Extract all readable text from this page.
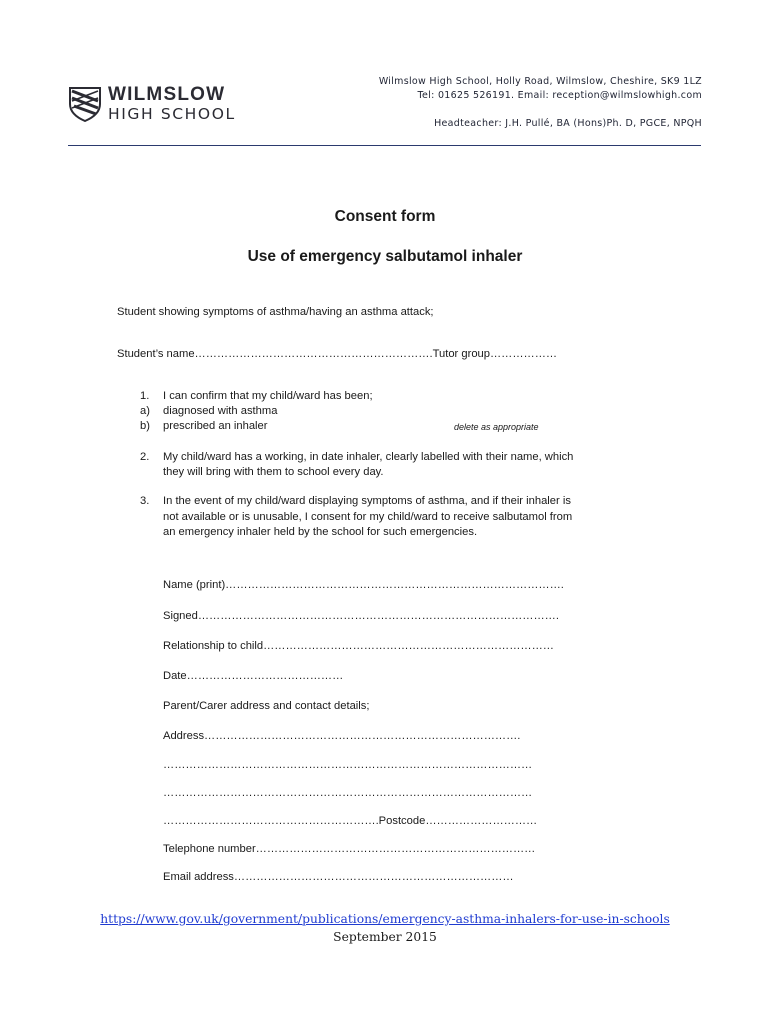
WILMSLOW
HIGH SCHOOL
Wilmslow High School, Holly Road, Wilmslow, Cheshire, SK9 1LZ
Tel: 01625 526191. Email: reception@wilmslowhigh.com
Headteacher: J.H. Pullé, BA (Hons)Ph. D, PGCE, NPQH
Consent form
Use of emergency salbutamol inhaler
Student showing symptoms of asthma/having an asthma attack;
Student’s name……………………………………………………….Tutor group………………
1. I can confirm that my child/ward has been;
a) diagnosed with asthma
b) prescribed an inhaler	delete as appropriate
2. My child/ward has a working, in date inhaler, clearly labelled with their name, which
they will bring with them to school every day.
3. In the event of my child/ward displaying symptoms of asthma, and if their inhaler is
not available or is unusable, I consent for my child/ward to receive salbutamol from
an emergency inhaler held by the school for such emergencies.
Name (print)……………………………………………………………………………….
Signed…………………………………………………………………………………….
Relationship to child……………………………………………………………………
Date……………………………………
Parent/Carer address and contact details;
Address………………………………………………………………………….
………………………………………………………………………………………
………………………………………………………………………………………
………………………………………………….Postcode…………………………
Telephone number…………………………………………………………………
Email address…………………………………………………………………
https://www.gov.uk/government/publications/emergency-asthma-inhalers-for-use-in-schools
September 2015
